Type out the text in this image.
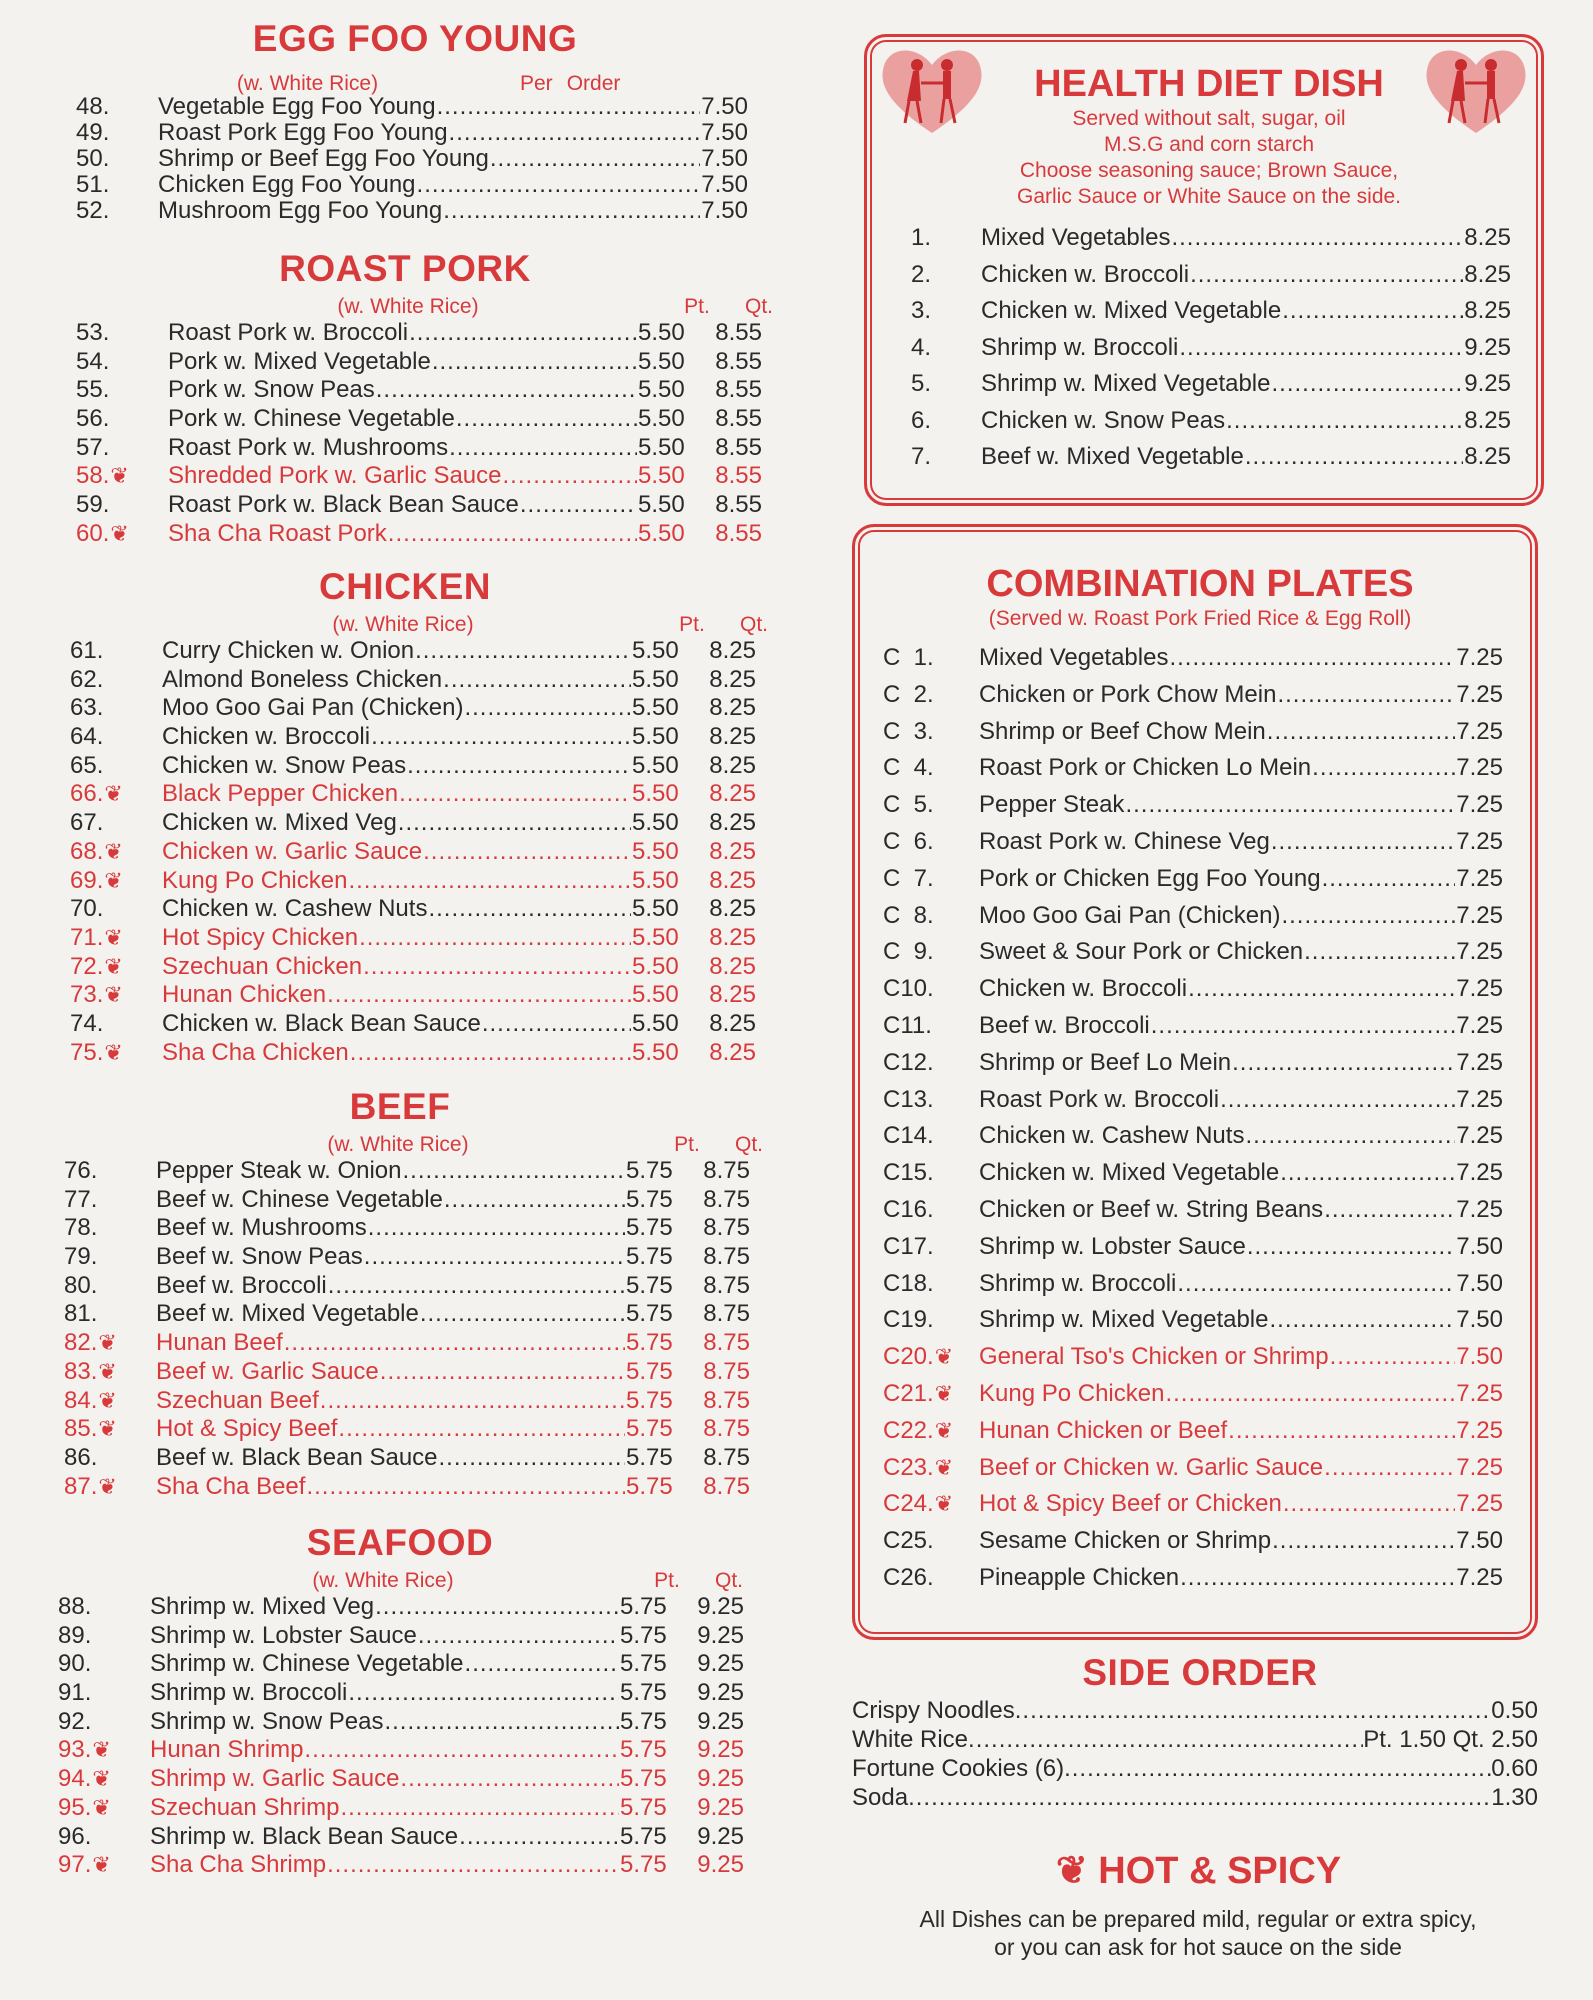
EGG FOO YOUNG
(w. White Rice)	Per Order
48.	Vegetable Egg Foo Young .....	7.50
49.	Roast Pork Egg Foo Young .....	7.50
50.	Shrimp or Beef Egg Foo Young .....	7.50
51.	Chicken Egg Foo Young .....	7.50
52.	Mushroom Egg Foo Young .....	7.50
ROAST PORK
(w. White Rice)	Pt.	Qt.
53.	Roast Pork w. Broccoli .....	5.50	8.55
54.	Pork w. Mixed Vegetable .....	5.50	8.55
55.	Pork w. Snow Peas .....	5.50	8.55
56.	Pork w. Chinese Vegetable .....	5.50	8.55
57.	Roast Pork w. Mushrooms .....	5.50	8.55
58.❦	Shredded Pork w. Garlic Sauce .....	5.50	8.55
59.	Roast Pork w. Black Bean Sauce .....	5.50	8.55
60.❦	Sha Cha Roast Pork .....	5.50	8.55
CHICKEN
(w. White Rice)	Pt.	Qt.
61.	Curry Chicken w. Onion .....	5.50	8.25
62.	Almond Boneless Chicken .....	5.50	8.25
63.	Moo Goo Gai Pan (Chicken) .....	5.50	8.25
64.	Chicken w. Broccoli .....	5.50	8.25
65.	Chicken w. Snow Peas .....	5.50	8.25
66.❦	Black Pepper Chicken .....	5.50	8.25
67.	Chicken w. Mixed Veg .....	5.50	8.25
68.❦	Chicken w. Garlic Sauce .....	5.50	8.25
69.❦	Kung Po Chicken .....	5.50	8.25
70.	Chicken w. Cashew Nuts .....	5.50	8.25
71.❦	Hot Spicy Chicken .....	5.50	8.25
72.❦	Szechuan Chicken .....	5.50	8.25
73.❦	Hunan Chicken .....	5.50	8.25
74.	Chicken w. Black Bean Sauce .....	5.50	8.25
75.❦	Sha Cha Chicken .....	5.50	8.25
BEEF
(w. White Rice)	Pt.	Qt.
76.	Pepper Steak w. Onion .....	5.75	8.75
77.	Beef w. Chinese Vegetable .....	5.75	8.75
78.	Beef w. Mushrooms .....	5.75	8.75
79.	Beef w. Snow Peas .....	5.75	8.75
80.	Beef w. Broccoli .....	5.75	8.75
81.	Beef w. Mixed Vegetable .....	5.75	8.75
82.❦	Hunan Beef .....	5.75	8.75
83.❦	Beef w. Garlic Sauce .....	5.75	8.75
84.❦	Szechuan Beef .....	5.75	8.75
85.❦	Hot & Spicy Beef .....	5.75	8.75
86.	Beef w. Black Bean Sauce .....	5.75	8.75
87.❦	Sha Cha Beef .....	5.75	8.75
SEAFOOD
(w. White Rice)	Pt.	Qt.
88.	Shrimp w. Mixed Veg .....	5.75	9.25
89.	Shrimp w. Lobster Sauce .....	5.75	9.25
90.	Shrimp w. Chinese Vegetable .....	5.75	9.25
91.	Shrimp w. Broccoli .....	5.75	9.25
92.	Shrimp w. Snow Peas .....	5.75	9.25
93.❦	Hunan Shrimp .....	5.75	9.25
94.❦	Shrimp w. Garlic Sauce .....	5.75	9.25
95.❦	Szechuan Shrimp .....	5.75	9.25
96.	Shrimp w. Black Bean Sauce .....	5.75	9.25
97.❦	Sha Cha Shrimp .....	5.75	9.25
HEALTH DIET DISH
Served without salt, sugar, oil
M.S.G and corn starch
Choose seasoning sauce; Brown Sauce,
Garlic Sauce or White Sauce on the side.
1.	Mixed Vegetables .....	8.25
2.	Chicken w. Broccoli .....	8.25
3.	Chicken w. Mixed Vegetable .....	8.25
4.	Shrimp w. Broccoli .....	9.25
5.	Shrimp w. Mixed Vegetable .....	9.25
6.	Chicken w. Snow Peas .....	8.25
7.	Beef w. Mixed Vegetable .....	8.25
COMBINATION PLATES
(Served w. Roast Pork Fried Rice & Egg Roll)
C  1.	Mixed Vegetables .....	7.25
C  2.	Chicken or Pork Chow Mein .....	7.25
C  3.	Shrimp or Beef Chow Mein .....	7.25
C  4.	Roast Pork or Chicken Lo Mein .....	7.25
C  5.	Pepper Steak .....	7.25
C  6.	Roast Pork w. Chinese Veg .....	7.25
C  7.	Pork or Chicken Egg Foo Young .....	7.25
C  8.	Moo Goo Gai Pan (Chicken) .....	7.25
C  9.	Sweet & Sour Pork or Chicken .....	7.25
C10.	Chicken w. Broccoli .....	7.25
C11.	Beef w. Broccoli .....	7.25
C12.	Shrimp or Beef Lo Mein .....	7.25
C13.	Roast Pork w. Broccoli .....	7.25
C14.	Chicken w. Cashew Nuts .....	7.25
C15.	Chicken w. Mixed Vegetable .....	7.25
C16.	Chicken or Beef w. String Beans .....	7.25
C17.	Shrimp w. Lobster Sauce .....	7.50
C18.	Shrimp w. Broccoli .....	7.50
C19.	Shrimp w. Mixed Vegetable .....	7.50
C20.❦	General Tso's Chicken or Shrimp .....	7.50
C21.❦	Kung Po Chicken .....	7.25
C22.❦	Hunan Chicken or Beef .....	7.25
C23.❦	Beef or Chicken w. Garlic Sauce .....	7.25
C24.❦	Hot & Spicy Beef or Chicken .....	7.25
C25.	Sesame Chicken or Shrimp .....	7.50
C26.	Pineapple Chicken .....	7.25
SIDE ORDER
Crispy Noodles .....	0.50
White Rice .....	Pt. 1.50 Qt. 2.50
Fortune Cookies (6) .....	0.60
Soda .....	1.30
❦ HOT & SPICY
All Dishes can be prepared mild, regular or extra spicy,
or you can ask for hot sauce on the side
